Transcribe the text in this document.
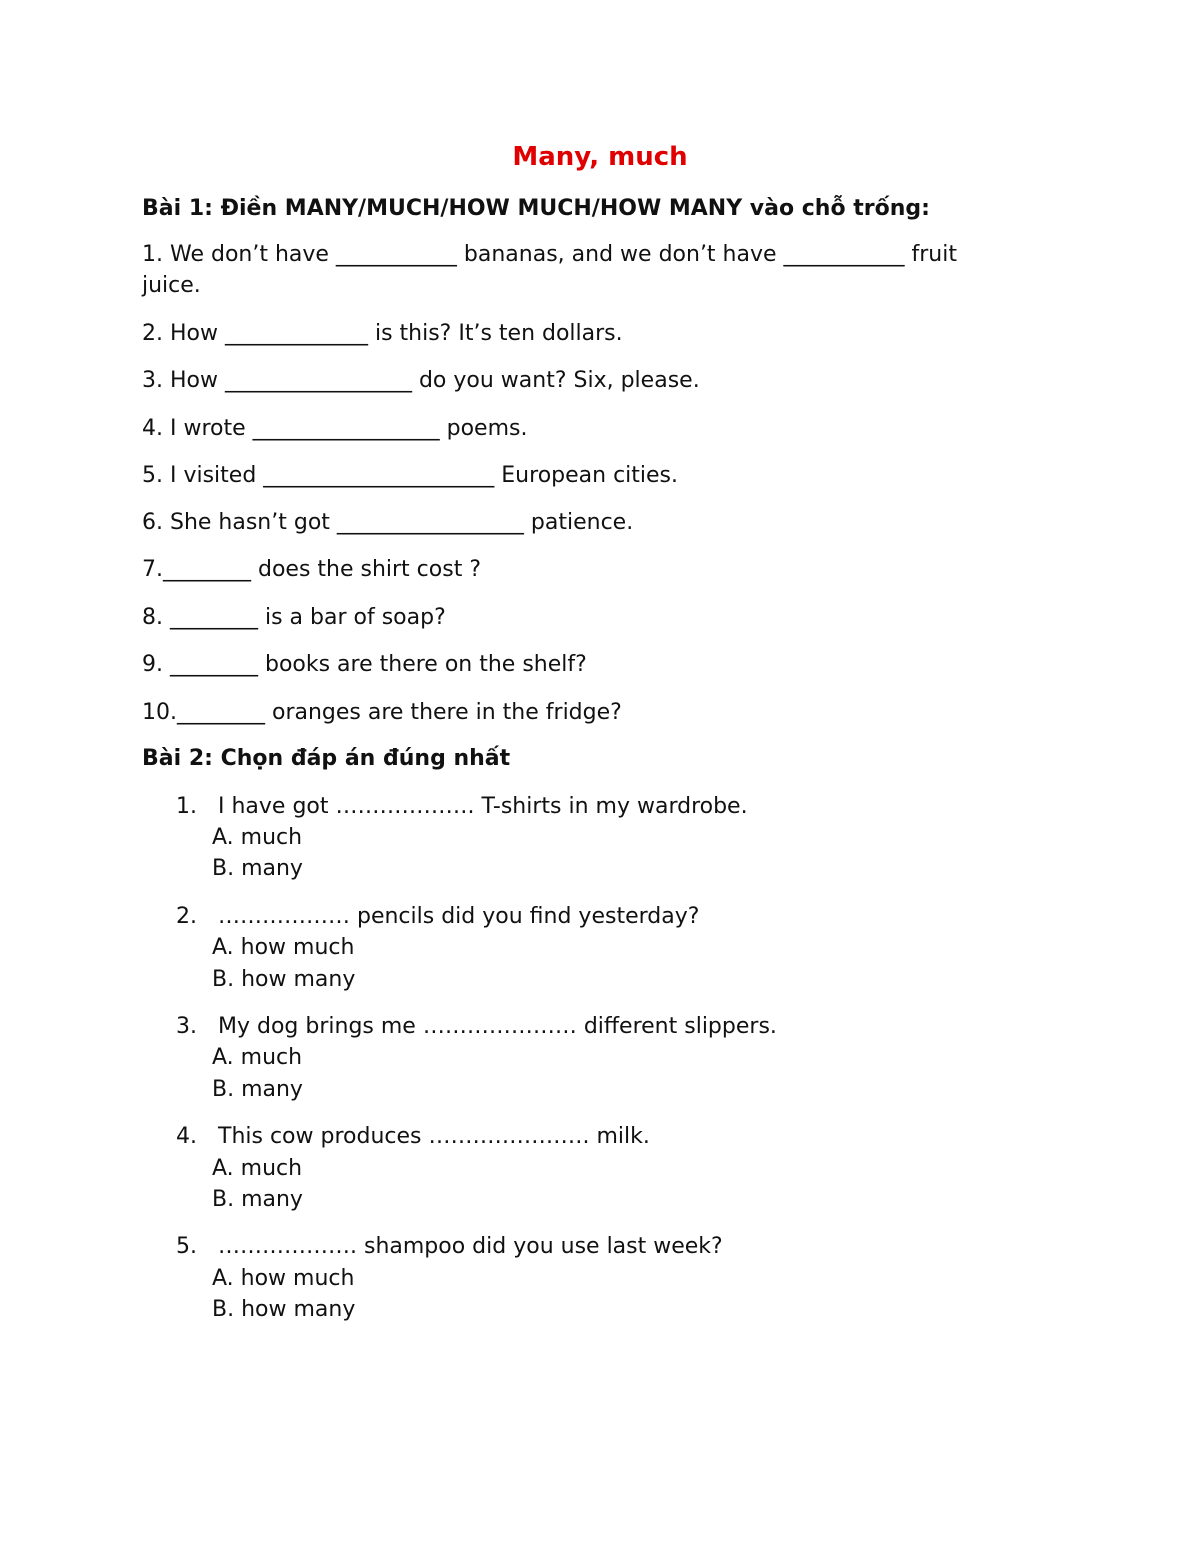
Many, much
Bài 1: Điền MANY/MUCH/HOW MUCH/HOW MANY vào chỗ trống:
1. We don’t have ___________ bananas, and we don’t have ___________ fruit juice.
2. How _____________ is this? It’s ten dollars.
3. How _________________ do you want? Six, please.
4. I wrote _________________ poems.
5. I visited _____________________ European cities.
6. She hasn’t got _________________ patience.
7.________ does the shirt cost ?
8. ________ is a bar of soap?
9. ________ books are there on the shelf?
10.________ oranges are there in the fridge?
Bài 2: Chọn đáp án đúng nhất
1. I have got ………………. T-shirts in my wardrobe.
A. much
B. many
2. ……………… pencils did you find yesterday?
A. how much
B. how many
3. My dog brings me ………………… different slippers.
A. much
B. many
4. This cow produces …………………. milk.
A. much
B. many
5. ………………. shampoo did you use last week?
A. how much
B. how many
